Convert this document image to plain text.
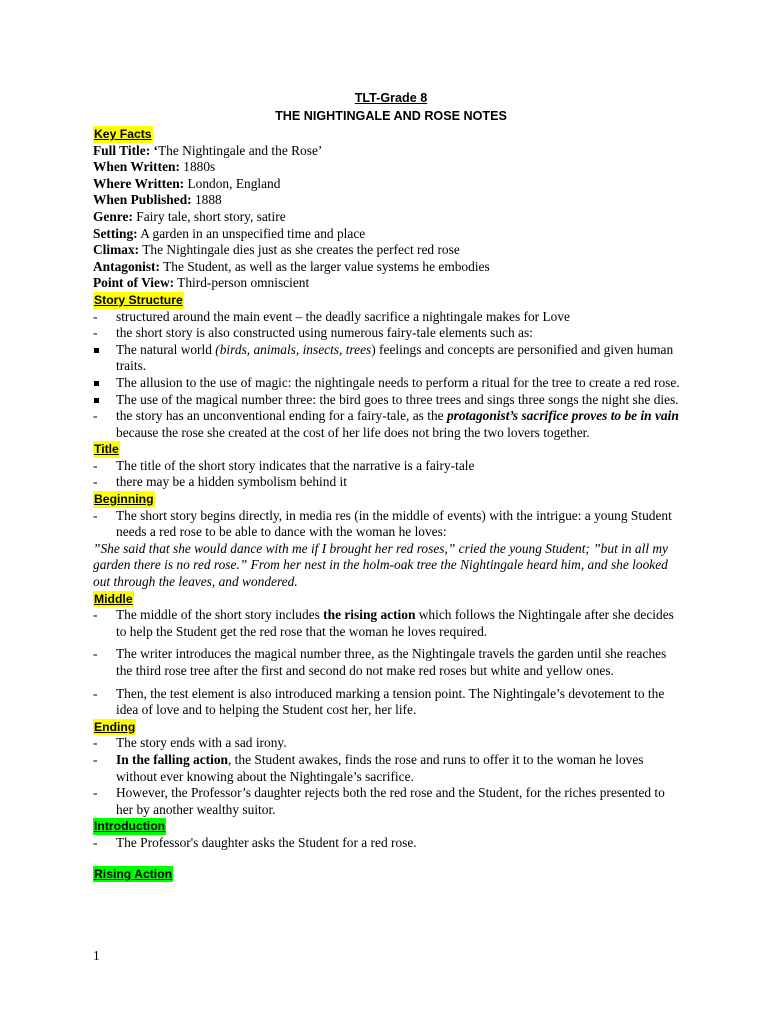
TLT-Grade 8
THE NIGHTINGALE AND ROSE NOTES
Key Facts
Full Title: ‘The Nightingale and the Rose’
When Written: 1880s
Where Written: London, England
When Published: 1888
Genre: Fairy tale, short story, satire
Setting: A garden in an unspecified time and place
Climax: The Nightingale dies just as she creates the perfect red rose
Antagonist: The Student, as well as the larger value systems he embodies
Point of View: Third-person omniscient
Story Structure
- structured around the main event – the deadly sacrifice a nightingale makes for Love
- the short story is also constructed using numerous fairy-tale elements such as:
The natural world (birds, animals, insects, trees) feelings and concepts are personified and given human traits.
The allusion to the use of magic: the nightingale needs to perform a ritual for the tree to create a red rose.
The use of the magical number three: the bird goes to three trees and sings three songs the night she dies.
- the story has an unconventional ending for a fairy-tale, as the protagonist’s sacrifice proves to be in vain because the rose she created at the cost of her life does not bring the two lovers together.
Title
- The title of the short story indicates that the narrative is a fairy-tale
- there may be a hidden symbolism behind it
Beginning
- The short story begins directly, in media res (in the middle of events) with the intrigue: a young Student needs a red rose to be able to dance with the woman he loves:
”She said that she would dance with me if I brought her red roses,” cried the young Student; ”but in all my garden there is no red rose.” From her nest in the holm-oak tree the Nightingale heard him, and she looked out through the leaves, and wondered.
Middle
- The middle of the short story includes the rising action which follows the Nightingale after she decides to help the Student get the red rose that the woman he loves required.
- The writer introduces the magical number three, as the Nightingale travels the garden until she reaches the third rose tree after the first and second do not make red roses but white and yellow ones.
- Then, the test element is also introduced marking a tension point. The Nightingale’s devotement to the idea of love and to helping the Student cost her, her life.
Ending
- The story ends with a sad irony.
- In the falling action, the Student awakes, finds the rose and runs to offer it to the woman he loves without ever knowing about the Nightingale’s sacrifice.
- However, the Professor’s daughter rejects both the red rose and the Student, for the riches presented to her by another wealthy suitor.
Introduction
- The Professor's daughter asks the Student for a red rose.
Rising Action
1
